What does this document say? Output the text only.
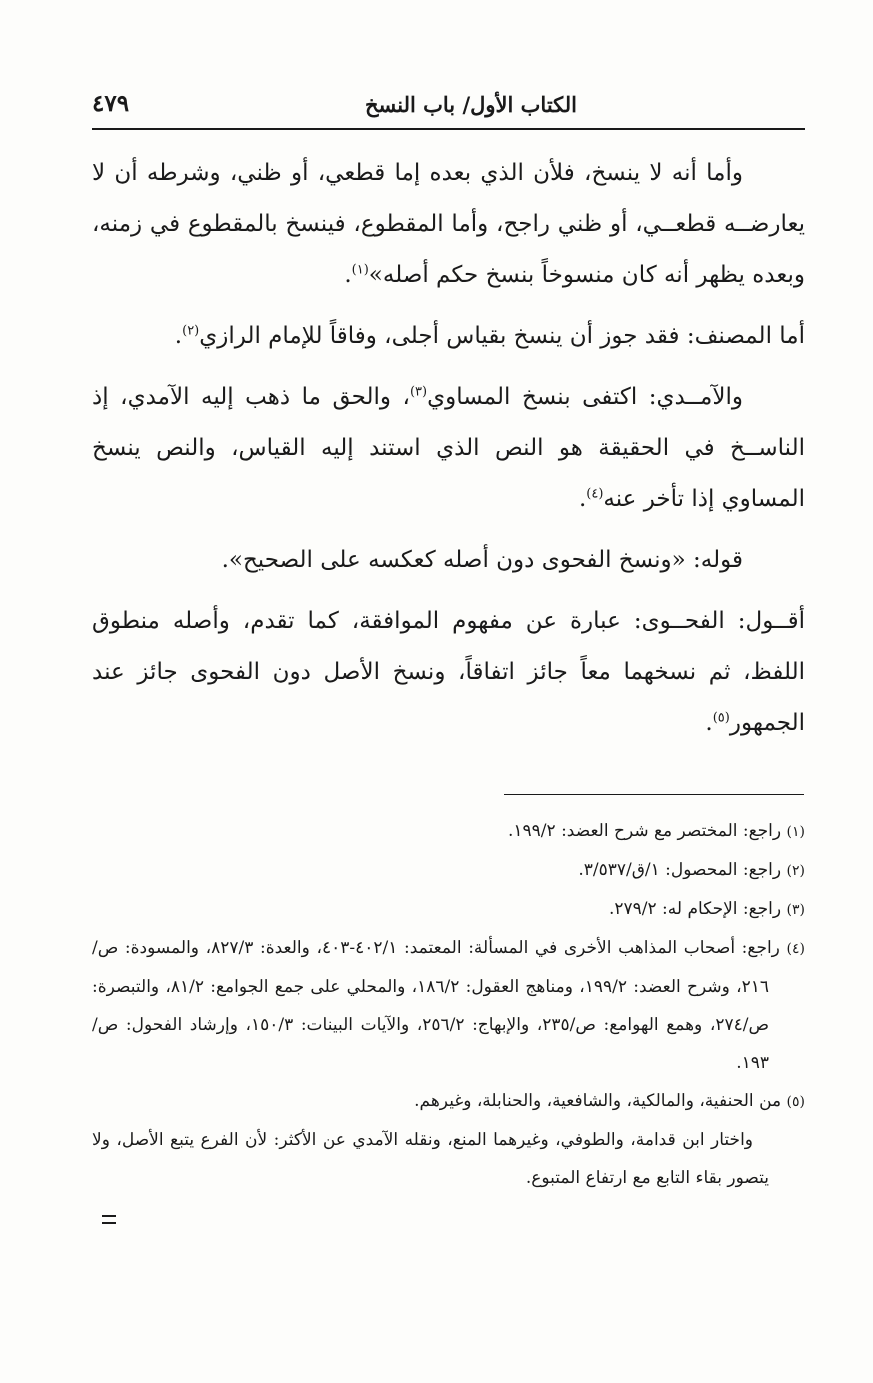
الكتاب الأول/ باب النسخ
٤٧٩

وأما أنه لا ينسخ، فلأن الذي بعده إما قطعي، أو ظني، وشرطه أن لا يعارضــه قطعــي، أو ظني راجح، وأما المقطوع، فينسخ بالمقطوع في زمنه، وبعده يظهر أنه كان منسوخاً بنسخ حكم أصله»$^{(١)}$.

أما المصنف: فقد جوز أن ينسخ بقياس أجلى، وفاقاً للإمام الرازي$^{(٢)}$.

والآمــدي: اكتفى بنسخ المساوي$^{(٣)}$، والحق ما ذهب إليه الآمدي، إذ الناســخ في الحقيقة هو النص الذي استند إليه القياس، والنص ينسخ المساوي إذا تأخر عنه$^{(٤)}$.

قوله: «ونسخ الفحوى دون أصله كعكسه على الصحيح».

أقــول: الفحــوى: عبارة عن مفهوم الموافقة، كما تقدم، وأصله منطوق اللفظ، ثم نسخهما معاً جائز اتفاقاً، ونسخ الأصل دون الفحوى جائز عند الجمهور$^{(٥)}$.

(١) راجع: المختصر مع شرح العضد: ١٩٩/٢.

(٢) راجع: المحصول: ١/ق/٣/٥٣٧.

(٣) راجع: الإحكام له: ٢٧٩/٢.

(٤) راجع: أصحاب المذاهب الأخرى في المسألة: المعتمد: ٤٠٢/١-٤٠٣، والعدة: ٨٢٧/٣، والمسودة: ص/٢١٦، وشرح العضد: ١٩٩/٢، ومناهج العقول: ١٨٦/٢، والمحلي على جمع الجوامع: ٨١/٢، والتبصرة: ص/٢٧٤، وهمع الهوامع: ص/٢٣٥، والإبهاج: ٢٥٦/٢، والآيات البينات: ١٥٠/٣، وإرشاد الفحول: ص/١٩٣.

(٥) من الحنفية، والمالكية، والشافعية، والحنابلة، وغيرهم.

واختار ابن قدامة، والطوفي، وغيرهما المنع، ونقله الآمدي عن الأكثر: لأن الفرع يتبع الأصل، ولا يتصور بقاء التابع مع ارتفاع المتبوع.
